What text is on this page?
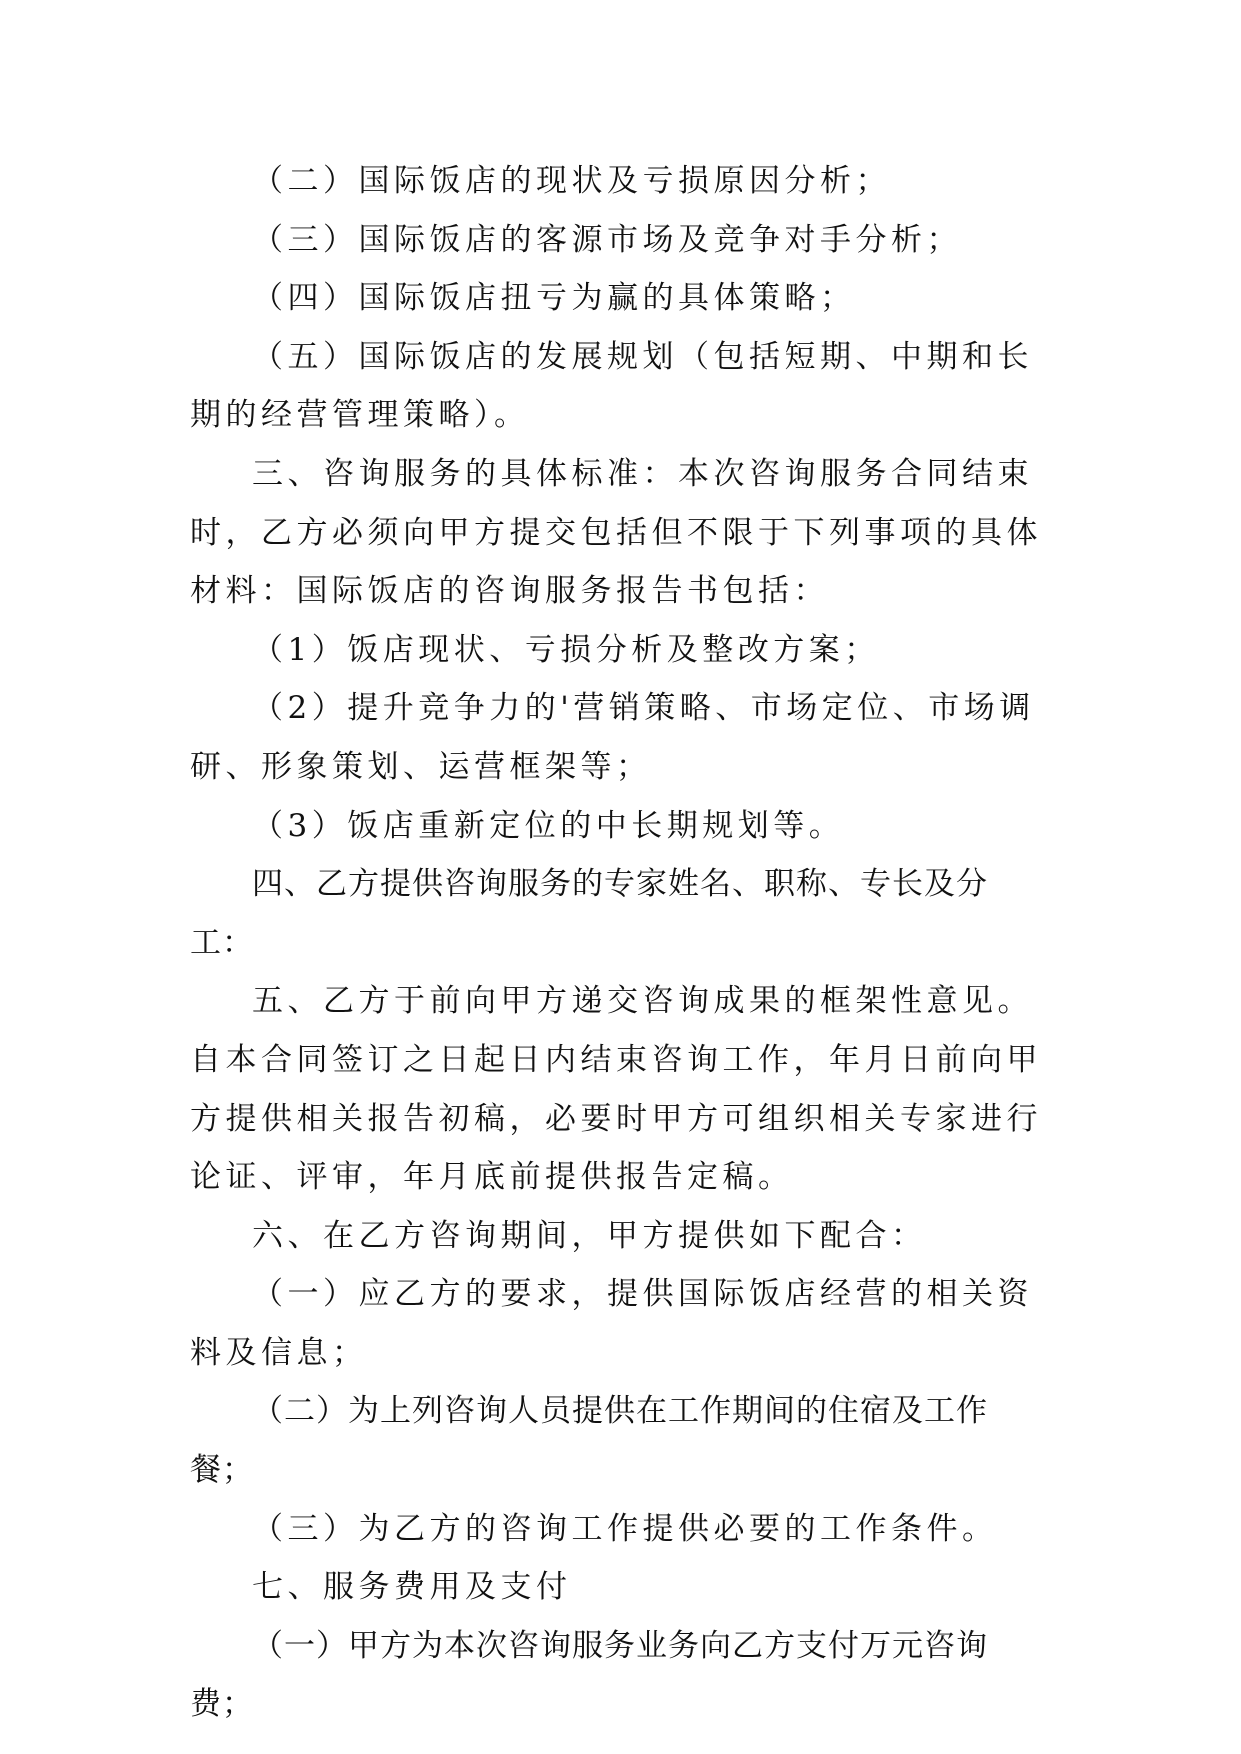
（二）国际饭店的现状及亏损原因分析；

（三）国际饭店的客源市场及竞争对手分析；

（四）国际饭店扭亏为赢的具体策略；

（五）国际饭店的发展规划（包括短期、中期和长期的经营管理策略）。

三、咨询服务的具体标准：本次咨询服务合同结束时，乙方必须向甲方提交包括但不限于下列事项的具体材料：国际饭店的咨询服务报告书包括：

（1）饭店现状、亏损分析及整改方案；

（2）提升竞争力的'营销策略、市场定位、市场调研、形象策划、运营框架等；

（3）饭店重新定位的中长期规划等。

四、乙方提供咨询服务的专家姓名、职称、专长及分工：

五、乙方于前向甲方递交咨询成果的框架性意见。自本合同签订之日起日内结束咨询工作，年月日前向甲方提供相关报告初稿，必要时甲方可组织相关专家进行论证、评审，年月底前提供报告定稿。

六、在乙方咨询期间，甲方提供如下配合：

（一）应乙方的要求，提供国际饭店经营的相关资料及信息；

（二）为上列咨询人员提供在工作期间的住宿及工作餐；

（三）为乙方的咨询工作提供必要的工作条件。

七、服务费用及支付

（一）甲方为本次咨询服务业务向乙方支付万元咨询费；
